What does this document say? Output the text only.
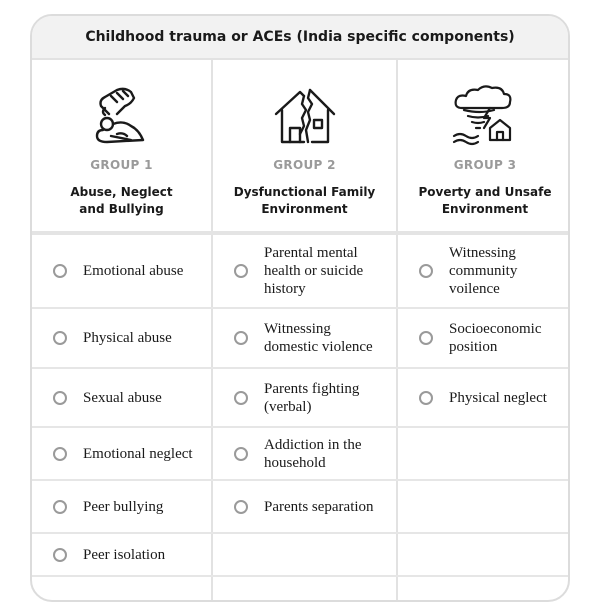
Childhood trauma or ACEs (India specific components)
GROUP 1
Abuse, Neglect
and Bullying
GROUP 2
Dysfunctional Family
Environment
GROUP 3
Poverty and Unsafe
Environment
Emotional abuse
Physical abuse
Sexual abuse
Emotional neglect
Peer bullying
Peer isolation
Parental mental
health or suicide
history
Witnessing
domestic violence
Parents fighting
(verbal)
Addiction in the
household
Parents separation
Witnessing
community
voilence
Socioeconomic
position
Physical neglect
